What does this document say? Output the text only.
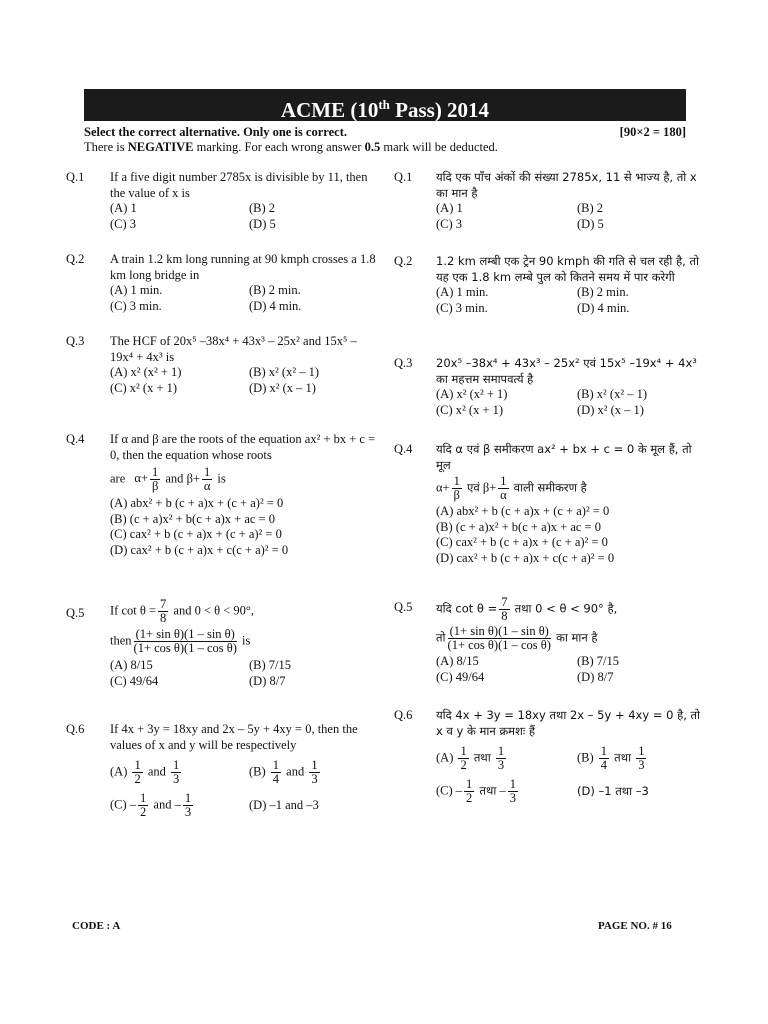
ACME (10th Pass) 2014
Select the correct alternative. Only one is correct.	[90×2 = 180]
There is NEGATIVE marking. For each wrong answer 0.5 mark will be deducted.
Q.1 If a five digit number 2785x is divisible by 11, then the value of x is
(A) 1	(B) 2
(C) 3	(D) 5
Q.2 A train 1.2 km long running at 90 kmph crosses a 1.8 km long bridge in
(A) 1 min.	(B) 2 min.
(C) 3 min.	(D) 4 min.
Q.3 The HCF of 20x⁵ –38x⁴ + 43x³ – 25x² and 15x⁵ –19x⁴ + 4x³ is
(A) x² (x² + 1)	(B) x² (x² – 1)
(C) x² (x + 1)	(D) x² (x – 1)
Q.4 If α and β are the roots of the equation ax² + bx + c = 0, then the equation whose roots
are $\alpha+ \frac{1}{\beta}$ and $\beta+ \frac{1}{\alpha}$ is
(A) abx² + b (c + a)x + (c + a)² = 0
(B) (c + a)x² + b(c + a)x + ac = 0
(C) cax² + b (c + a)x + (c + a)² = 0
(D) cax² + b (c + a)x + c(c + a)² = 0
Q.5 If $\cot \theta = \frac{7}{8}$ and 0 < θ < 90°,
then $\frac{\text{(1+ sin θ)(1 – sin θ)}}{\text{(1+ cos θ)(1 – cos θ)}}$ is
(A) 8/15	(B) 7/15
(C) 49/64	(D) 8/7
Q.6 If 4x + 3y = 18xy and 2x – 5y + 4xy = 0, then the values of x and y will be respectively
$(A) \frac{1}{2}$ and $\frac{1}{3}$	$(B) \frac{1}{4}$ and $\frac{1}{3}$
$(C) - \frac{1}{2}$ and – $\frac{1}{3}$	(D) –1 and –3
Q.1 यदि एक पाँच अंकों की संख्या 2785x, 11 से भाज्य है, तो x का मान है
(A) 1	(B) 2
(C) 3	(D) 5
Q.2 1.2 km लम्बी एक ट्रेन 90 kmph की गति से चल रही है, तो यह एक 1.8 km लम्बे पुल को कितने समय में पार करेगी
(A) 1 min.	(B) 2 min.
(C) 3 min.	(D) 4 min.
Q.3 20x⁵ –38x⁴ + 43x³ – 25x² एवं 15x⁵ –19x⁴ + 4x³ का महत्तम समापवर्त्य है
(A) x² (x² + 1)	(B) x² (x² – 1)
(C) x² (x + 1)	(D) x² (x – 1)
Q.4 यदि α एवं β समीकरण ax² + bx + c = 0 के मूल हैं, तो मूल
$\alpha+ \frac{1}{\beta}$ एवं $\beta+ \frac{1}{\alpha}$ वाली समीकरण है
(A) abx² + b (c + a)x + (c + a)² = 0
(B) (c + a)x² + b(c + a)x + ac = 0
(C) cax² + b (c + a)x + (c + a)² = 0
(D) cax² + b (c + a)x + c(c + a)² = 0
Q.5 यदि $\cot \theta = \frac{7}{8}$ तथा 0 < θ < 90° है,
तो $\frac{\text{(1+ sin θ)(1 – sin θ)}}{\text{(1+ cos θ)(1 – cos θ)}}$ का मान है
(A) 8/15	(B) 7/15
(C) 49/64	(D) 8/7
Q.6 यदि 4x + 3y = 18xy तथा 2x – 5y + 4xy = 0 है, तो x व y के मान क्रमशः हैं
$(A) \frac{1}{2}$ तथा $\frac{1}{3}$	$(B) \frac{1}{4}$ तथा $\frac{1}{3}$
$(C) - \frac{1}{2}$ तथा – $\frac{1}{3}$	(D) –1 तथा –3
CODE : A	PAGE NO. # 16
